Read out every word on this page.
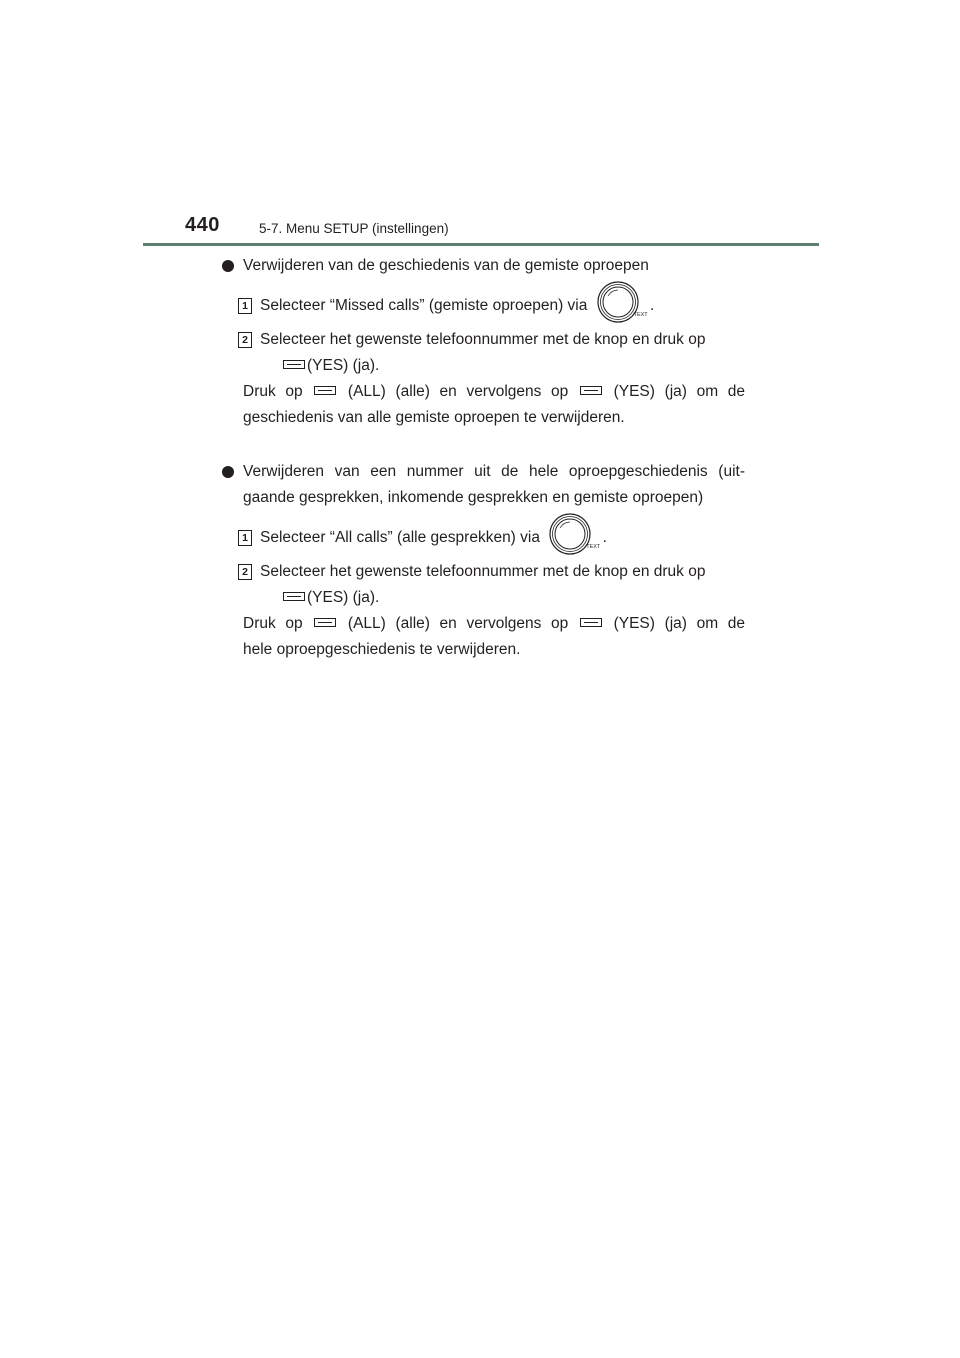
440	5-7. Menu SETUP (instellingen)
Verwijderen van de geschiedenis van de gemiste oproepen
1 Selecteer “Missed calls” (gemiste oproepen) via
TEXT
.
2 Selecteer het gewenste telefoonnummer met de knop en druk op
(YES) (ja).
Druk op	(ALL) (alle) en vervolgens op	(YES) (ja) om de
geschiedenis van alle gemiste oproepen te verwijderen.
Verwijderen van een nummer uit de hele oproepgeschiedenis (uit-
gaande gesprekken, inkomende gesprekken en gemiste oproepen)
1 Selecteer “All calls” (alle gesprekken) via
TEXT
.
2 Selecteer het gewenste telefoonnummer met de knop en druk op
(YES) (ja).
Druk op	(ALL) (alle) en vervolgens op	(YES) (ja) om de
hele oproepgeschiedenis te verwijderen.
